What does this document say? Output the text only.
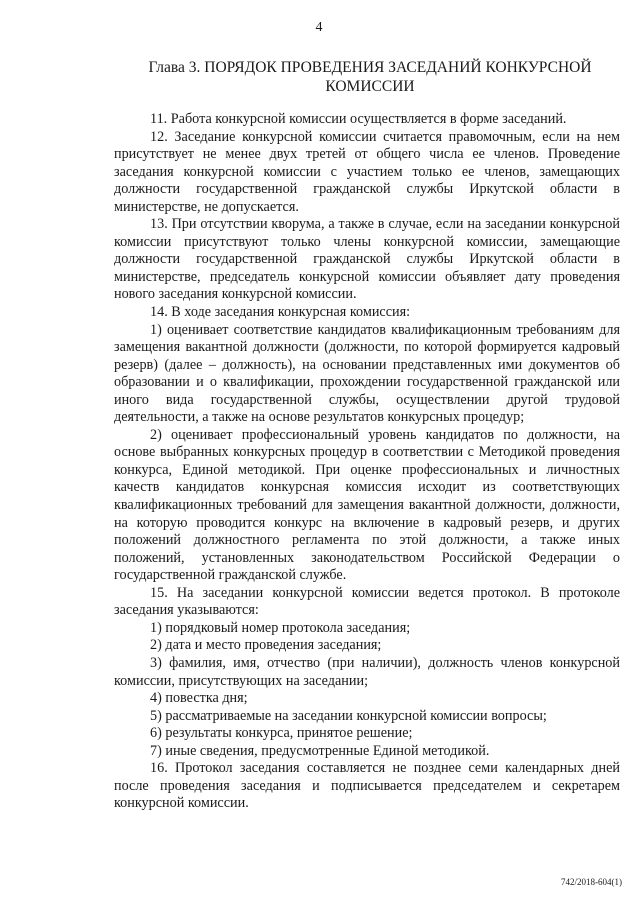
4
Глава 3. ПОРЯДОК ПРОВЕДЕНИЯ ЗАСЕДАНИЙ КОНКУРСНОЙ КОМИССИИ

11. Работа конкурсной комиссии осуществляется в форме заседаний.

12. Заседание конкурсной комиссии считается правомочным, если на нем присутствует не менее двух третей от общего числа ее членов. Проведение заседания конкурсной комиссии с участием только ее членов, замещающих должности государственной гражданской службы Иркутской области в министерстве, не допускается.

13. При отсутствии кворума, а также в случае, если на заседании конкурсной комиссии присутствуют только члены конкурсной комиссии, замещающие должности государственной гражданской службы Иркутской области в министерстве, председатель конкурсной комиссии объявляет дату проведения нового заседания конкурсной комиссии.

14. В ходе заседания конкурсная комиссия:

1) оценивает соответствие кандидатов квалификационным требованиям для замещения вакантной должности (должности, по которой формируется кадровый резерв) (далее – должность), на основании представленных ими документов об образовании и о квалификации, прохождении государственной гражданской или иного вида государственной службы, осуществлении другой трудовой деятельности, а также на основе результатов конкурсных процедур;

2) оценивает профессиональный уровень кандидатов по должности, на основе выбранных конкурсных процедур в соответствии с Методикой проведения конкурса, Единой методикой. При оценке профессиональных и личностных качеств кандидатов конкурсная комиссия исходит из соответствующих квалификационных требований для замещения вакантной должности, должности, на которую проводится конкурс на включение в кадровый резерв, и других положений должностного регламента по этой должности, а также иных положений, установленных законодательством Российской Федерации о государственной гражданской службе.

15. На заседании конкурсной комиссии ведется протокол. В протоколе заседания указываются:

1) порядковый номер протокола заседания;

2) дата и место проведения заседания;

3) фамилия, имя, отчество (при наличии), должность членов конкурсной комиссии, присутствующих на заседании;

4) повестка дня;

5) рассматриваемые на заседании конкурсной комиссии вопросы;

6) результаты конкурса, принятое решение;

7) иные сведения, предусмотренные Единой методикой.

16. Протокол заседания составляется не позднее семи календарных дней после проведения заседания и подписывается председателем и секретарем конкурсной комиссии.

742/2018-604(1)
